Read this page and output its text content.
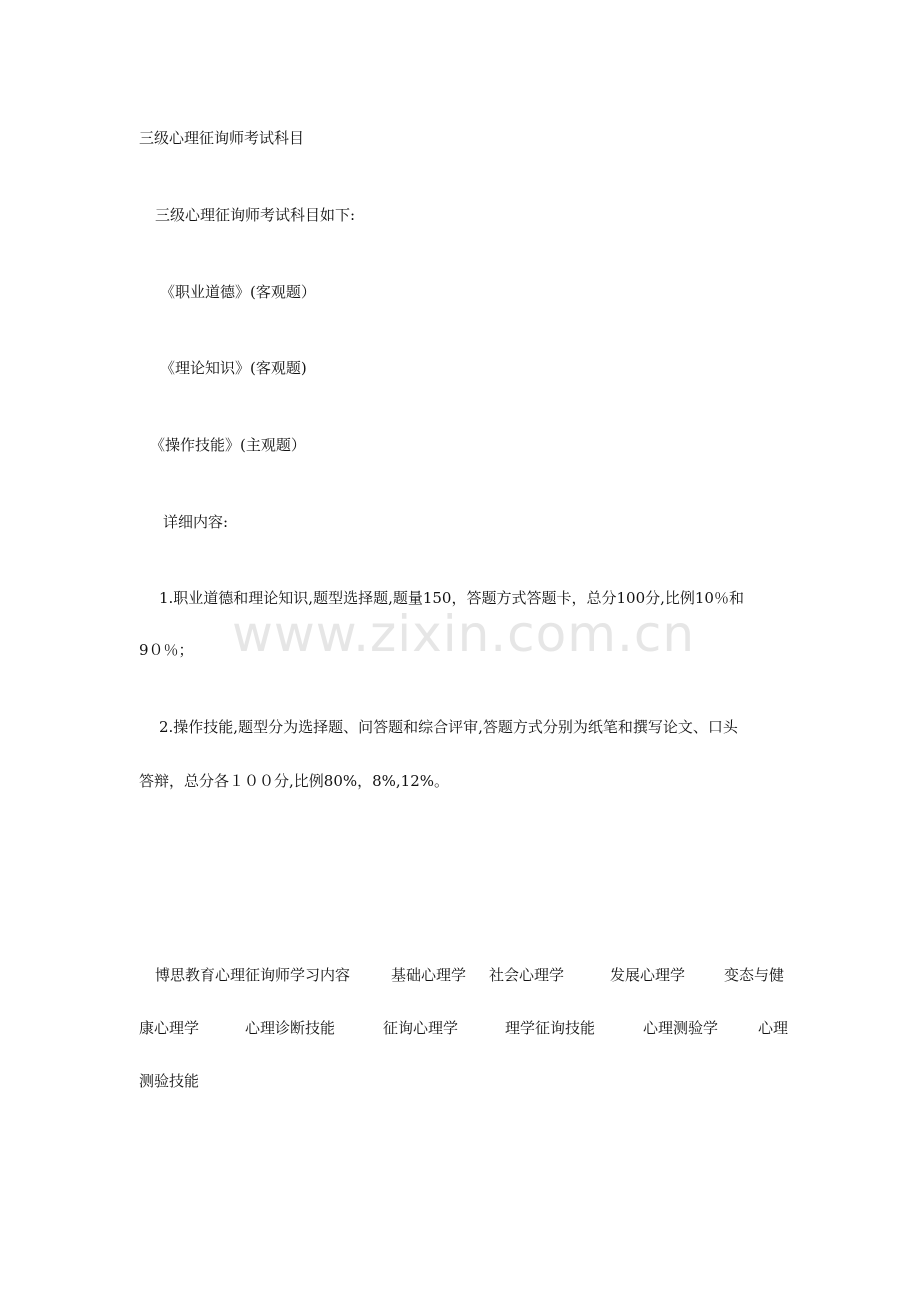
三级心理征询师考试科目
三级心理征询师考试科目如下:
《职业道德》(客观题）
《理论知识》(客观题)
《操作技能》(主观题）
详细内容:
1.职业道德和理论知识,题型选择题,题量150，答题方式答题卡，总分100分,比例10％和
9０％；
2.操作技能,题型分为选择题、问答题和综合评审,答题方式分别为纸笔和撰写论文、口头
答辩，总分各１００分,比例80%，8%,12%。
www.zixin.com.cn
博思教育心理征询师学习内容	基础心理学 社会心理学	发展心理学	变态与健
康心理学	心理诊断技能	征询心理学	理学征询技能	心理测验学	心理
测验技能
